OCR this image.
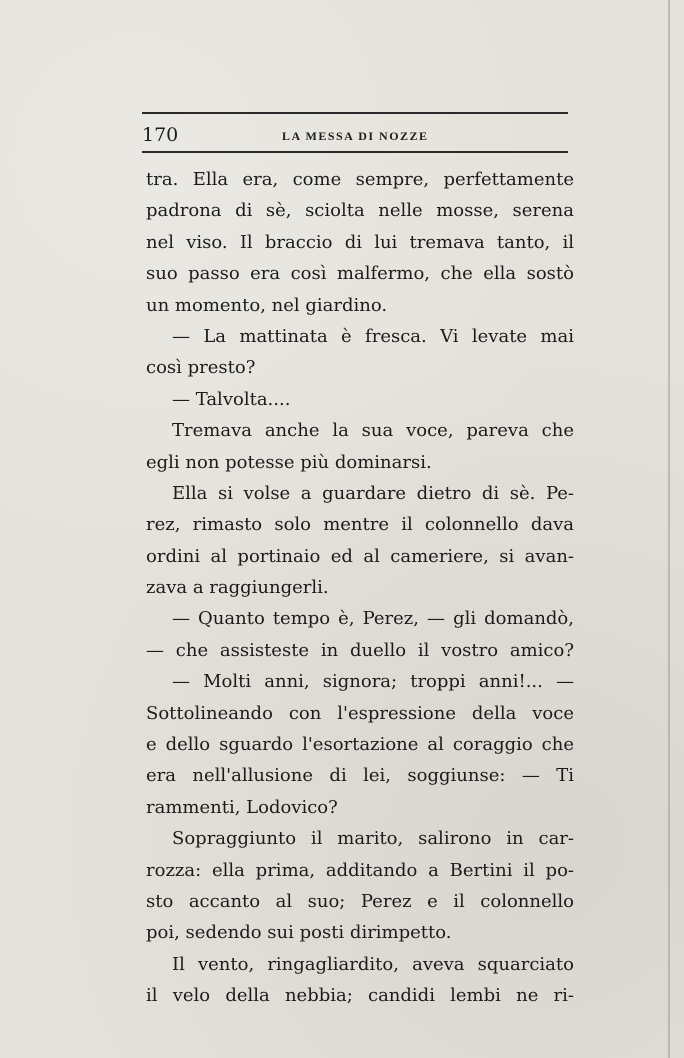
170	LA MESSA DI NOZZE
tra. Ella era, come sempre, perfettamente
padrona di sè, sciolta nelle mosse, serena
nel viso. Il braccio di lui tremava tanto, il
suo passo era così malfermo, che ella sostò
un momento, nel giardino.
— La mattinata è fresca. Vi levate mai
così presto?
— Talvolta....
Tremava anche la sua voce, pareva che
egli non potesse più dominarsi.
Ella si volse a guardare dietro di sè. Pe-
rez, rimasto solo mentre il colonnello dava
ordini al portinaio ed al cameriere, si avan-
zava a raggiungerli.
— Quanto tempo è, Perez, — gli domandò,
— che assisteste in duello il vostro amico?
— Molti anni, signora; troppi anni!... —
Sottolineando con l'espressione della voce
e dello sguardo l'esortazione al coraggio che
era nell'allusione di lei, soggiunse: — Ti
rammenti, Lodovico?
Sopraggiunto il marito, salirono in car-
rozza: ella prima, additando a Bertini il po-
sto accanto al suo; Perez e il colonnello
poi, sedendo sui posti dirimpetto.
Il vento, ringagliardito, aveva squarciato
il velo della nebbia; candidi lembi ne ri-
